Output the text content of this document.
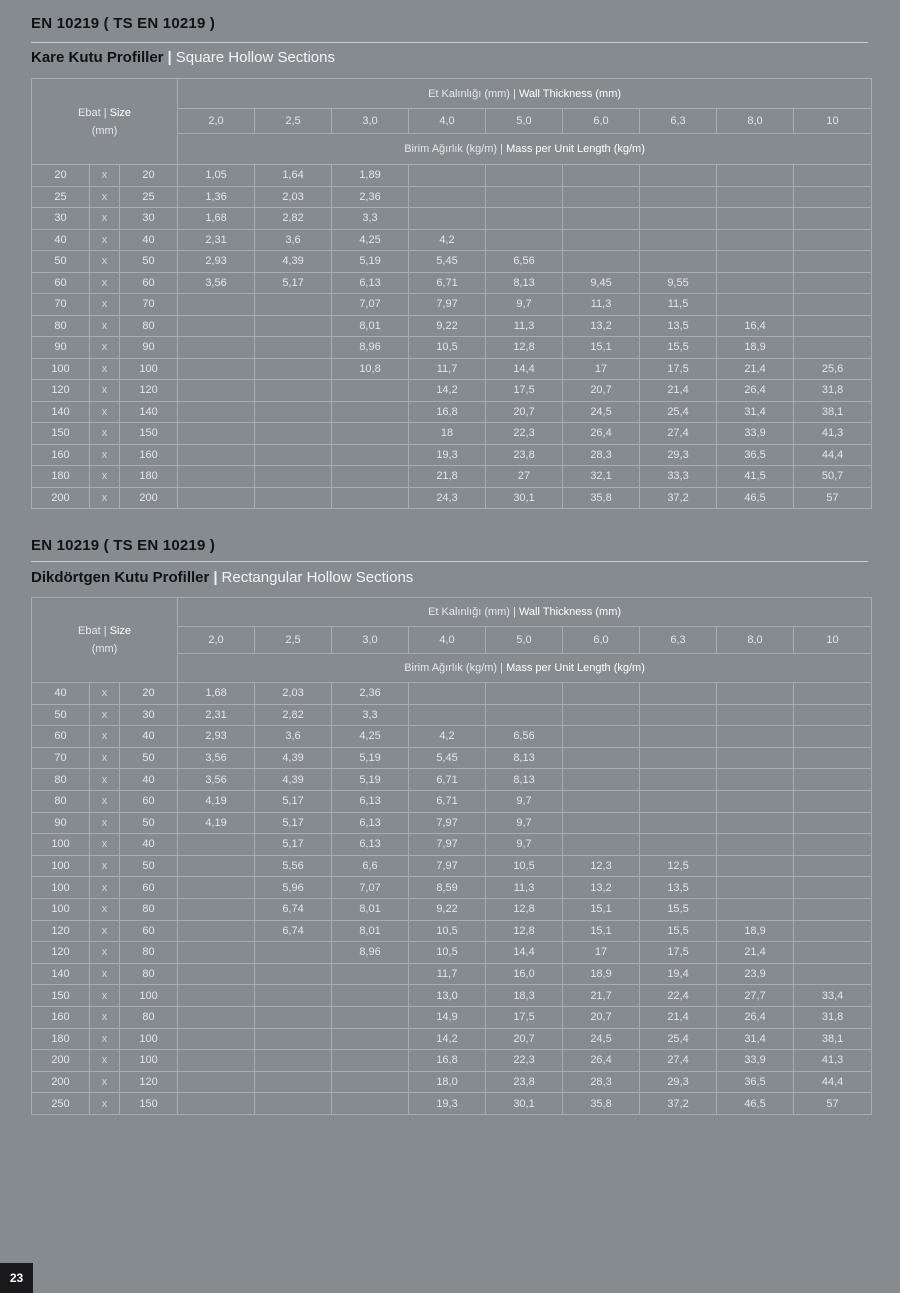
EN 10219 ( TS EN 10219 )
Kare Kutu Profiller | Square Hollow Sections
Ebat | Size
(mm)			Et Kalınlığı (mm) | Wall Thickness (mm)								
			2,0	2,5	3,0	4,0	5,0	6,0	6,3	8,0	10
			Birim Ağırlık (kg/m) | Mass per Unit Length (kg/m)								
20	x	20	1,05	1,64	1,89						
25	x	25	1,36	2,03	2,36						
30	x	30	1,68	2,82	3,3						
40	x	40	2,31	3,6	4,25	4,2					
50	x	50	2,93	4,39	5,19	5,45	6,56				
60	x	60	3,56	5,17	6,13	6,71	8,13	9,45	9,55		
70	x	70			7,07	7,97	9,7	11,3	11,5		
80	x	80			8,01	9,22	11,3	13,2	13,5	16,4	
90	x	90			8,96	10,5	12,8	15,1	15,5	18,9	
100	x	100			10,8	11,7	14,4	17	17,5	21,4	25,6
120	x	120				14,2	17,5	20,7	21,4	26,4	31,8
140	x	140				16,8	20,7	24,5	25,4	31,4	38,1
150	x	150				18	22,3	26,4	27,4	33,9	41,3
160	x	160				19,3	23,8	28,3	29,3	36,5	44,4
180	x	180				21,8	27	32,1	33,3	41,5	50,7
200	x	200				24,3	30,1	35,8	37,2	46,5	57
EN 10219 ( TS EN 10219 )
Dikdörtgen Kutu Profiller | Rectangular Hollow Sections
Ebat | Size
(mm)			Et Kalınlığı (mm) | Wall Thickness (mm)								
			2,0	2,5	3,0	4,0	5,0	6,0	6,3	8,0	10
			Birim Ağırlık (kg/m) | Mass per Unit Length (kg/m)								
40	x	20	1,68	2,03	2,36						
50	x	30	2,31	2,82	3,3						
60	x	40	2,93	3,6	4,25	4,2	6,56				
70	x	50	3,56	4,39	5,19	5,45	8,13				
80	x	40	3,56	4,39	5,19	6,71	8,13				
80	x	60	4,19	5,17	6,13	6,71	9,7				
90	x	50	4,19	5,17	6,13	7,97	9,7				
100	x	40		5,17	6,13	7,97	9,7				
100	x	50		5,56	6,6	7,97	10,5	12,3	12,5		
100	x	60		5,96	7,07	8,59	11,3	13,2	13,5		
100	x	80		6,74	8,01	9,22	12,8	15,1	15,5		
120	x	60		6,74	8,01	10,5	12,8	15,1	15,5	18,9	
120	x	80			8,96	10,5	14,4	17	17,5	21,4	
140	x	80				11,7	16,0	18,9	19,4	23,9	
150	x	100				13,0	18,3	21,7	22,4	27,7	33,4
160	x	80				14,9	17,5	20,7	21,4	26,4	31,8
180	x	100				14,2	20,7	24,5	25,4	31,4	38,1
200	x	100				16,8	22,3	26,4	27,4	33,9	41,3
200	x	120				18,0	23,8	28,3	29,3	36,5	44,4
250	x	150				19,3	30,1	35,8	37,2	46,5	57
23
